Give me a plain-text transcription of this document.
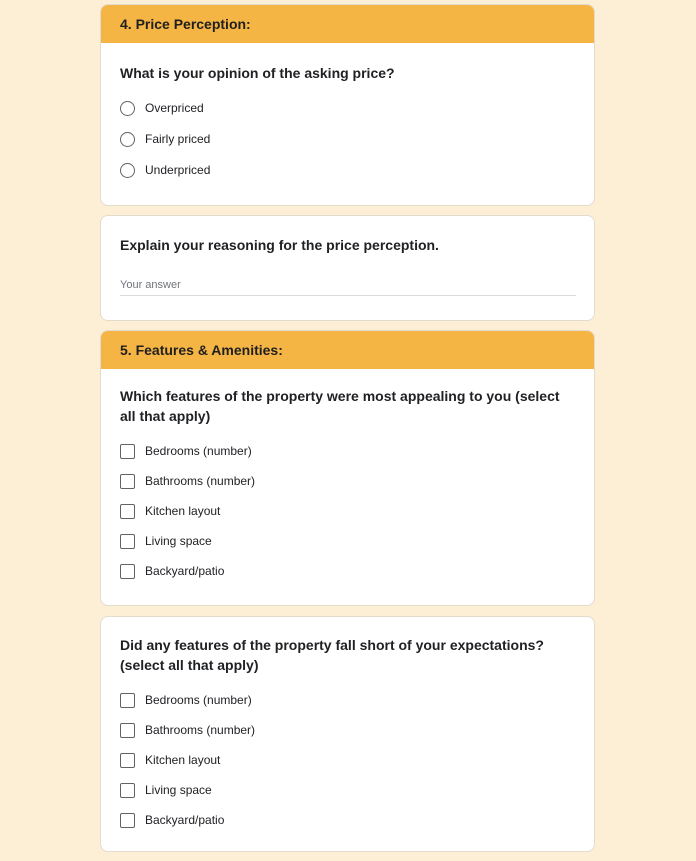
4. Price Perception:
What is your opinion of the asking price?
Overpriced
Fairly priced
Underpriced
Explain your reasoning for the price perception.
Your answer
5. Features & Amenities:
Which features of the property were most appealing to you (select all that apply)
Bedrooms (number)
Bathrooms (number)
Kitchen layout
Living space
Backyard/patio
Did any features of the property fall short of your expectations? (select all that apply)
Bedrooms (number)
Bathrooms (number)
Kitchen layout
Living space
Backyard/patio
